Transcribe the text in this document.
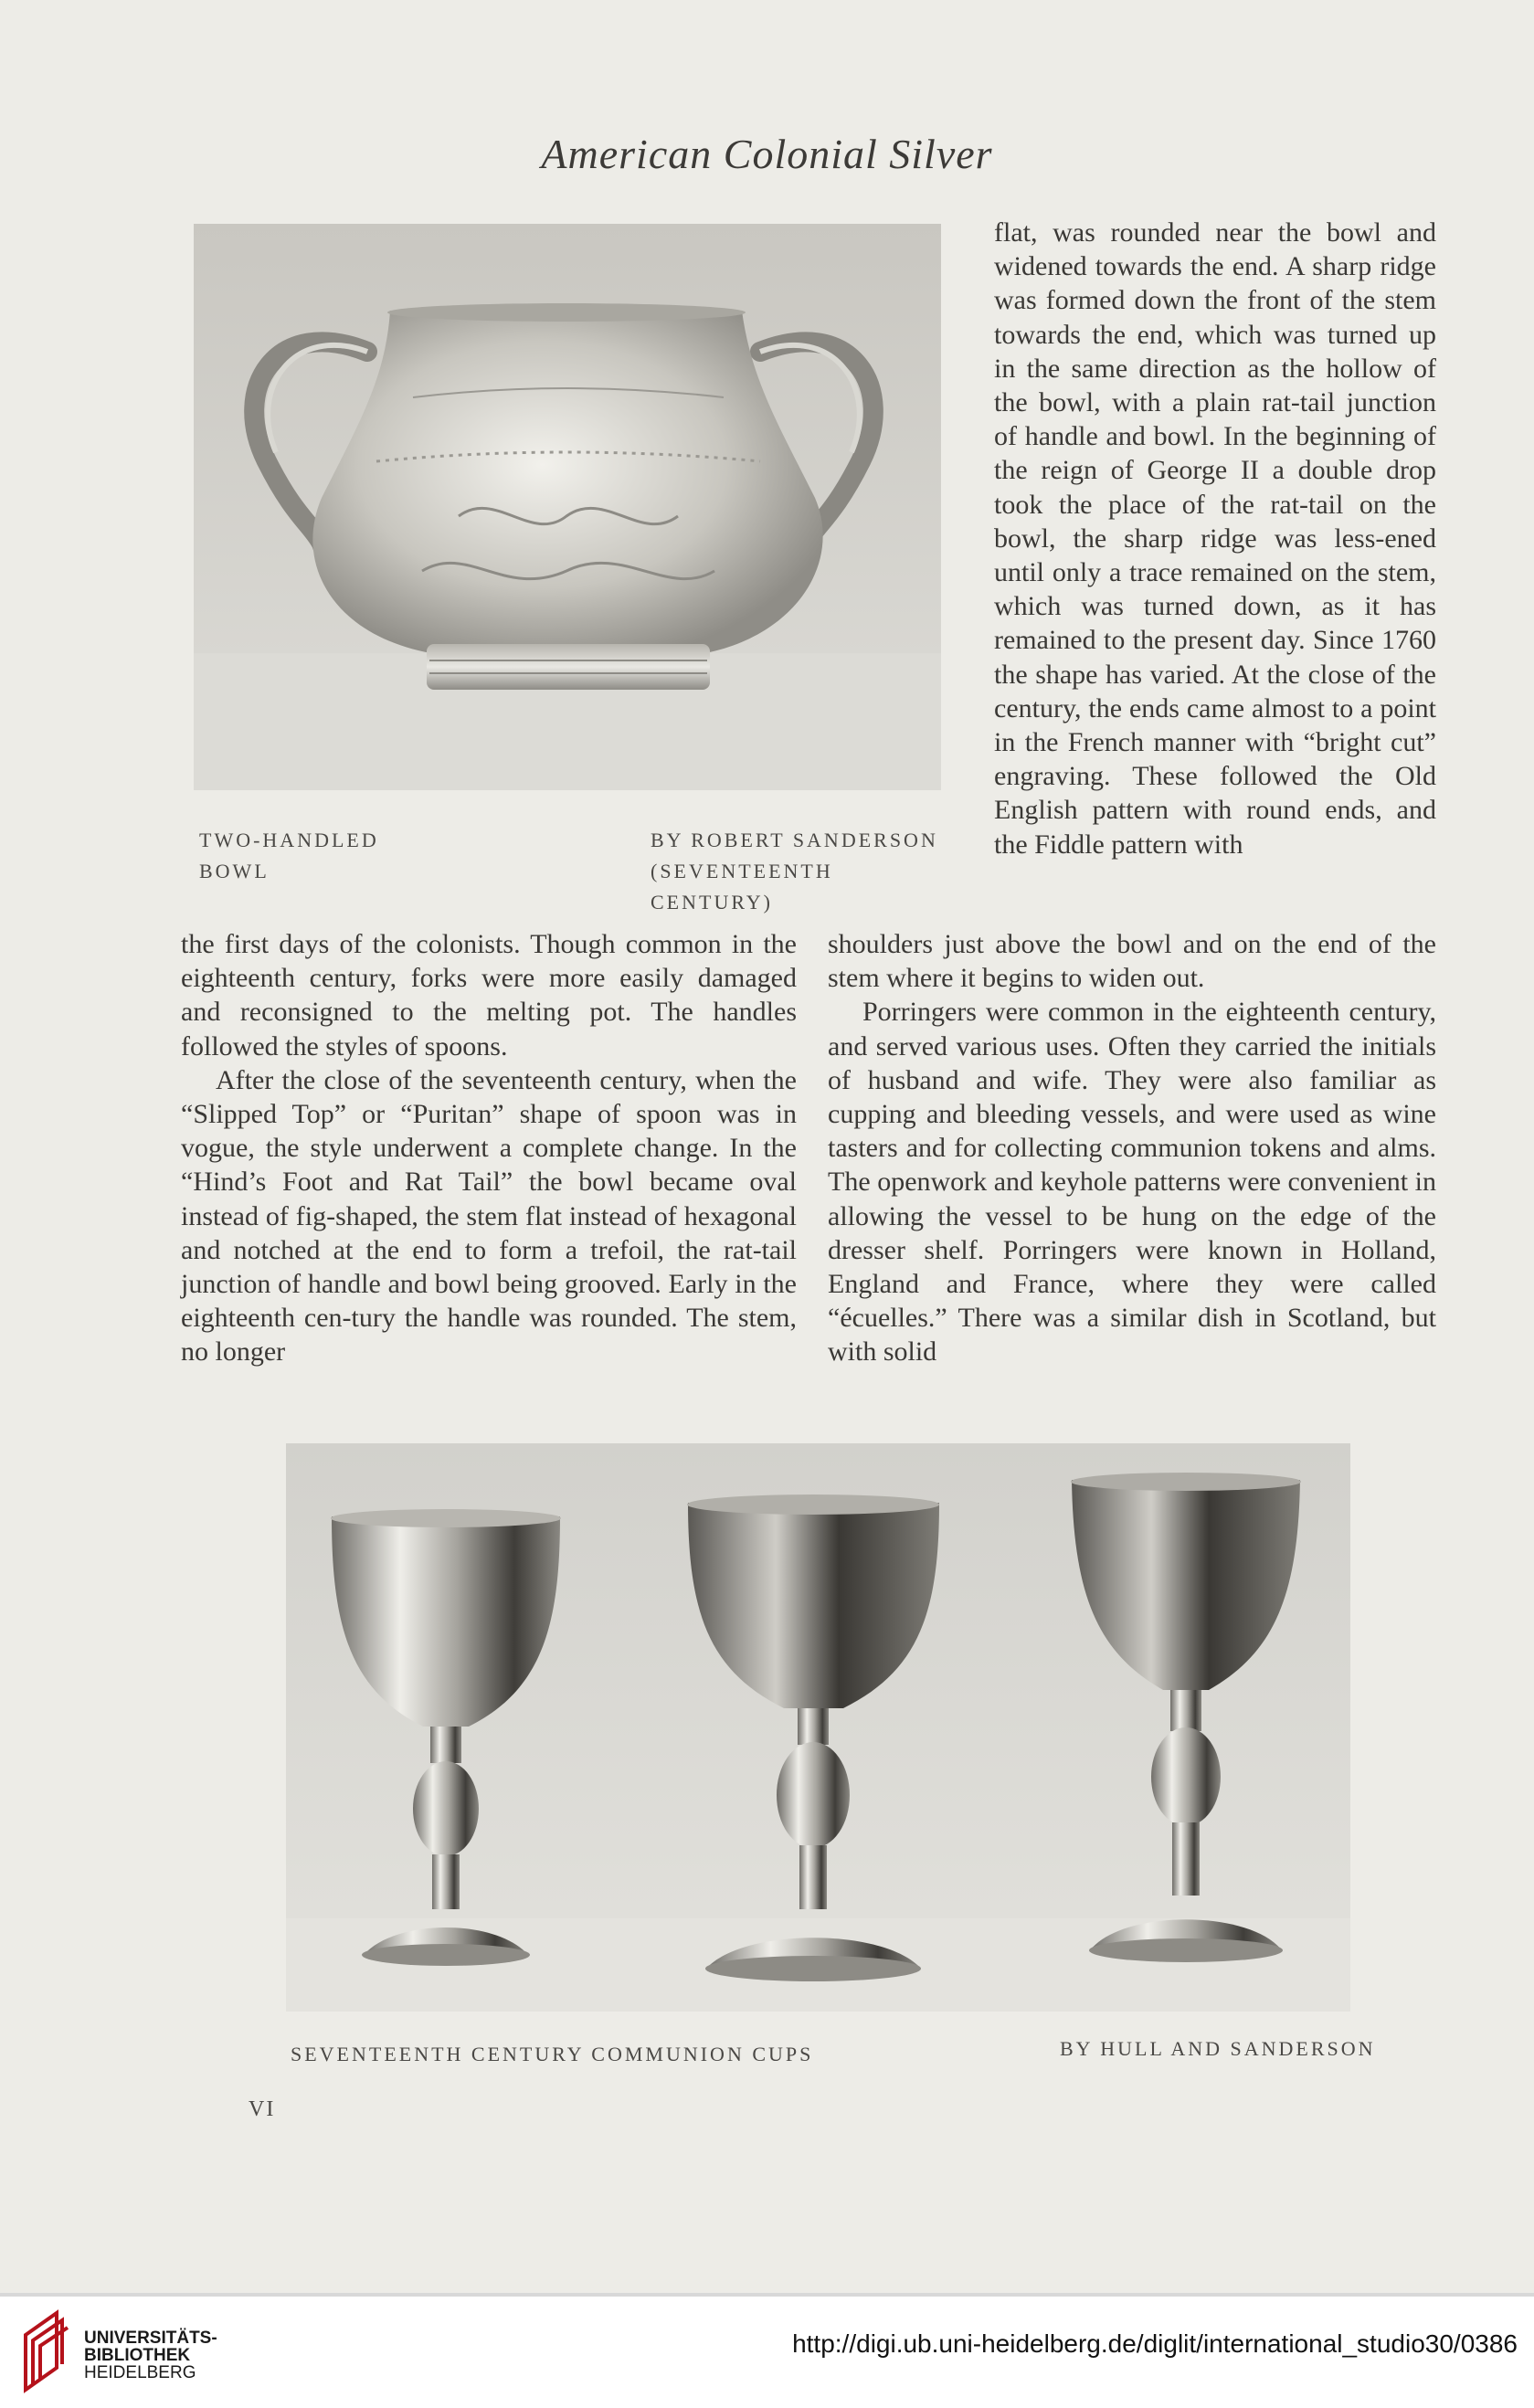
American Colonial Silver
TWO-HANDLED
BOWL
BY ROBERT SANDERSON
(SEVENTEENTH CENTURY)

flat, was rounded near the bowl and widened towards the end. A sharp ridge was formed down the front of the stem towards the end, which was turned up in the same direction as the hollow of the bowl, with a plain rat-tail junction of handle and bowl. In the beginning of the reign of George II a double drop took the place of the rat-tail on the bowl, the sharp ridge was less-ened until only a trace remained on the stem, which was turned down, as it has remained to the present day. Since 1760 the shape has varied. At the close of the century, the ends came almost to a point in the French manner with “bright cut” engraving. These followed the Old English pattern with round ends, and the Fiddle pattern with

the first days of the colonists. Though common in the eighteenth century, forks were more easily damaged and reconsigned to the melting pot. The handles followed the styles of spoons.

After the close of the seventeenth century, when the “Slipped Top” or “Puritan” shape of spoon was in vogue, the style underwent a complete change. In the “Hind’s Foot and Rat Tail” the bowl became oval instead of fig-shaped, the stem flat instead of hexagonal and notched at the end to form a trefoil, the rat-tail junction of handle and bowl being grooved. Early in the eighteenth cen-tury the handle was rounded. The stem, no longer

shoulders just above the bowl and on the end of the stem where it begins to widen out.

Porringers were common in the eighteenth century, and served various uses. Often they carried the initials of husband and wife. They were also familiar as cupping and bleeding vessels, and were used as wine tasters and for collecting communion tokens and alms. The openwork and keyhole patterns were convenient in allowing the vessel to be hung on the edge of the dresser shelf. Porringers were known in Holland, England and France, where they were called “écuelles.” There was a similar dish in Scotland, but with solid

SEVENTEENTH CENTURY COMMUNION CUPS	BY HULL AND SANDERSON
VI
UNIVERSITÄTS-
BIBLIOTHEK
HEIDELBERG
http://digi.ub.uni-heidelberg.de/diglit/international_studio30/0386
